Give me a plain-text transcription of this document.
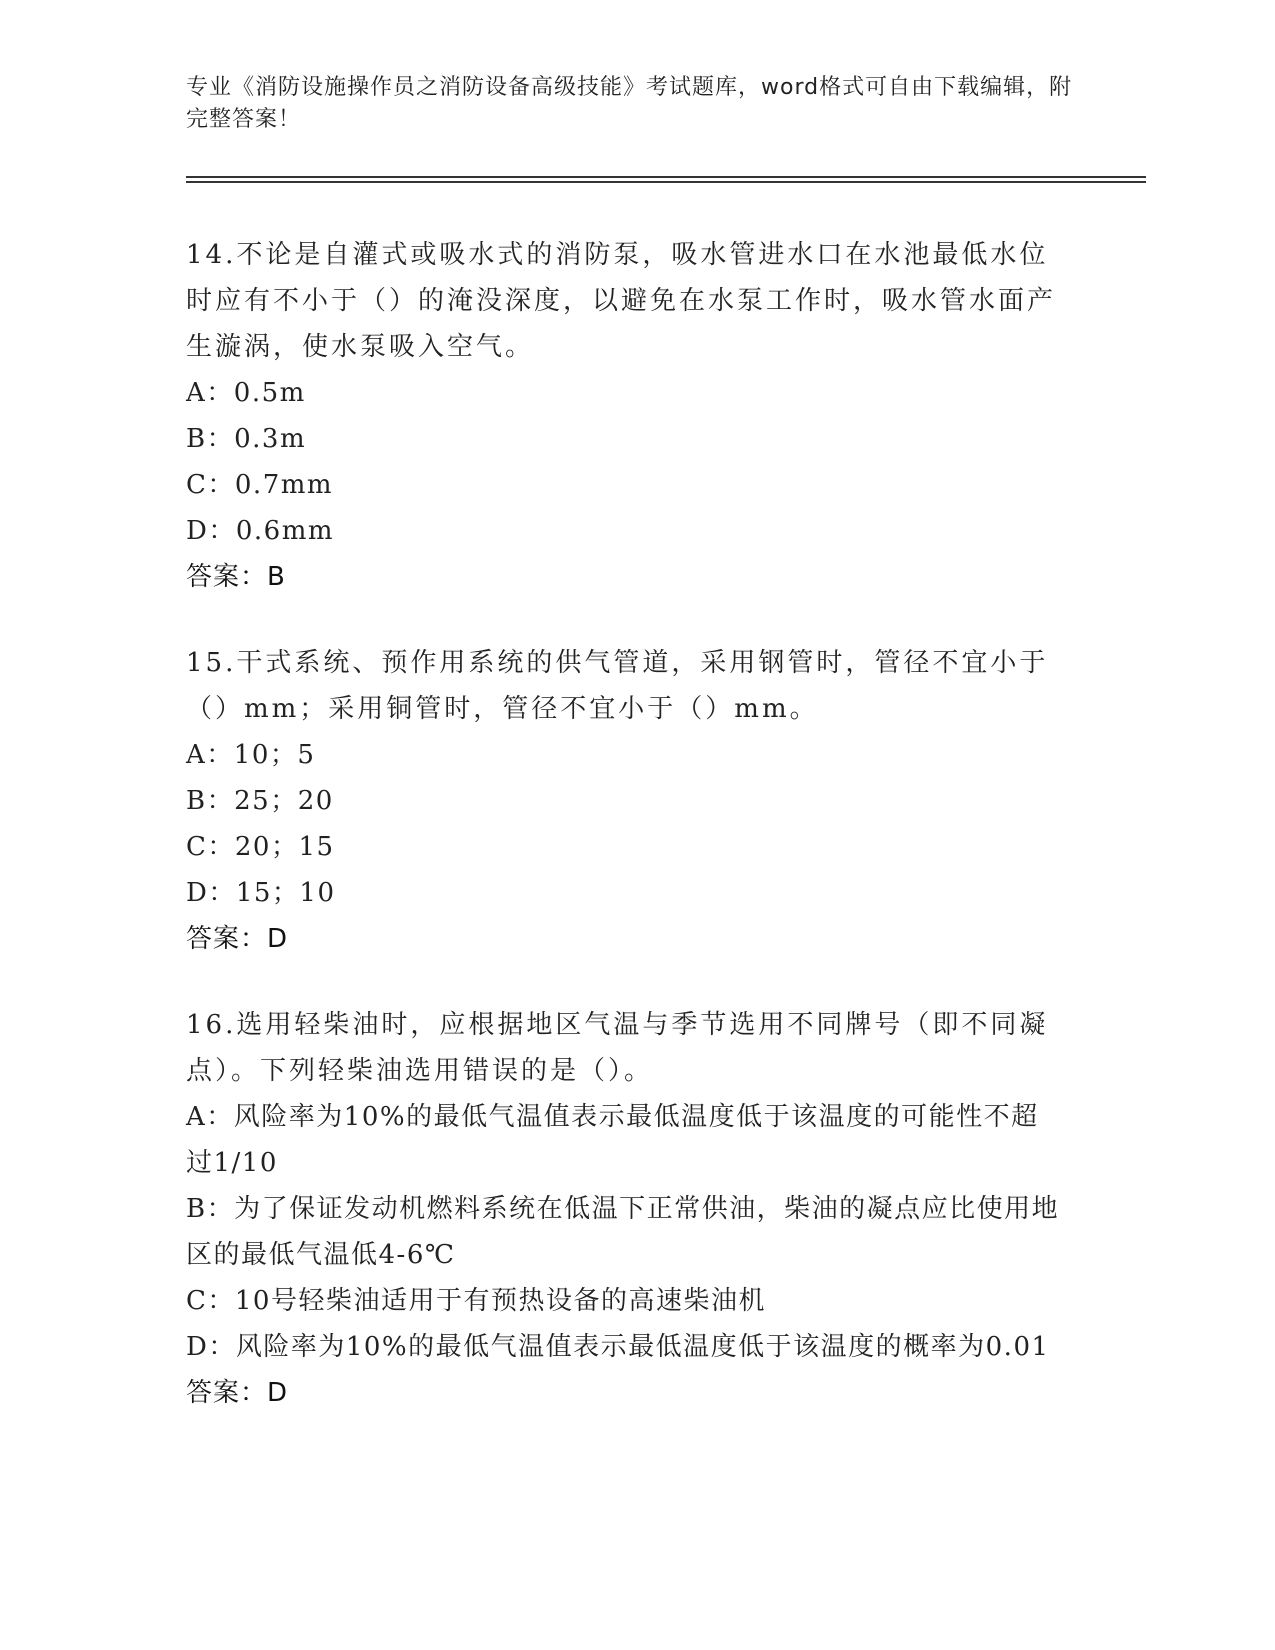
专业《消防设施操作员之消防设备高级技能》考试题库，word格式可自由下载编辑，附完整答案！

14.不论是自灌式或吸水式的消防泵，吸水管进水口在水池最低水位时应有不小于（）的淹没深度，以避免在水泵工作时，吸水管水面产生漩涡，使水泵吸入空气。

A：0.5m

B：0.3m

C：0.7mm

D：0.6mm

答案：B

15.干式系统、预作用系统的供气管道，采用钢管时，管径不宜小于（）mm；采用铜管时，管径不宜小于（）mm。

A：10；5

B：25；20

C：20；15

D：15；10

答案：D

16.选用轻柴油时，应根据地区气温与季节选用不同牌号（即不同凝点）。下列轻柴油选用错误的是（）。

A：风险率为10%的最低气温值表示最低温度低于该温度的可能性不超过1/10

B：为了保证发动机燃料系统在低温下正常供油，柴油的凝点应比使用地区的最低气温低4-6℃

C：10号轻柴油适用于有预热设备的高速柴油机

D：风险率为10%的最低气温值表示最低温度低于该温度的概率为0.01

答案：D
